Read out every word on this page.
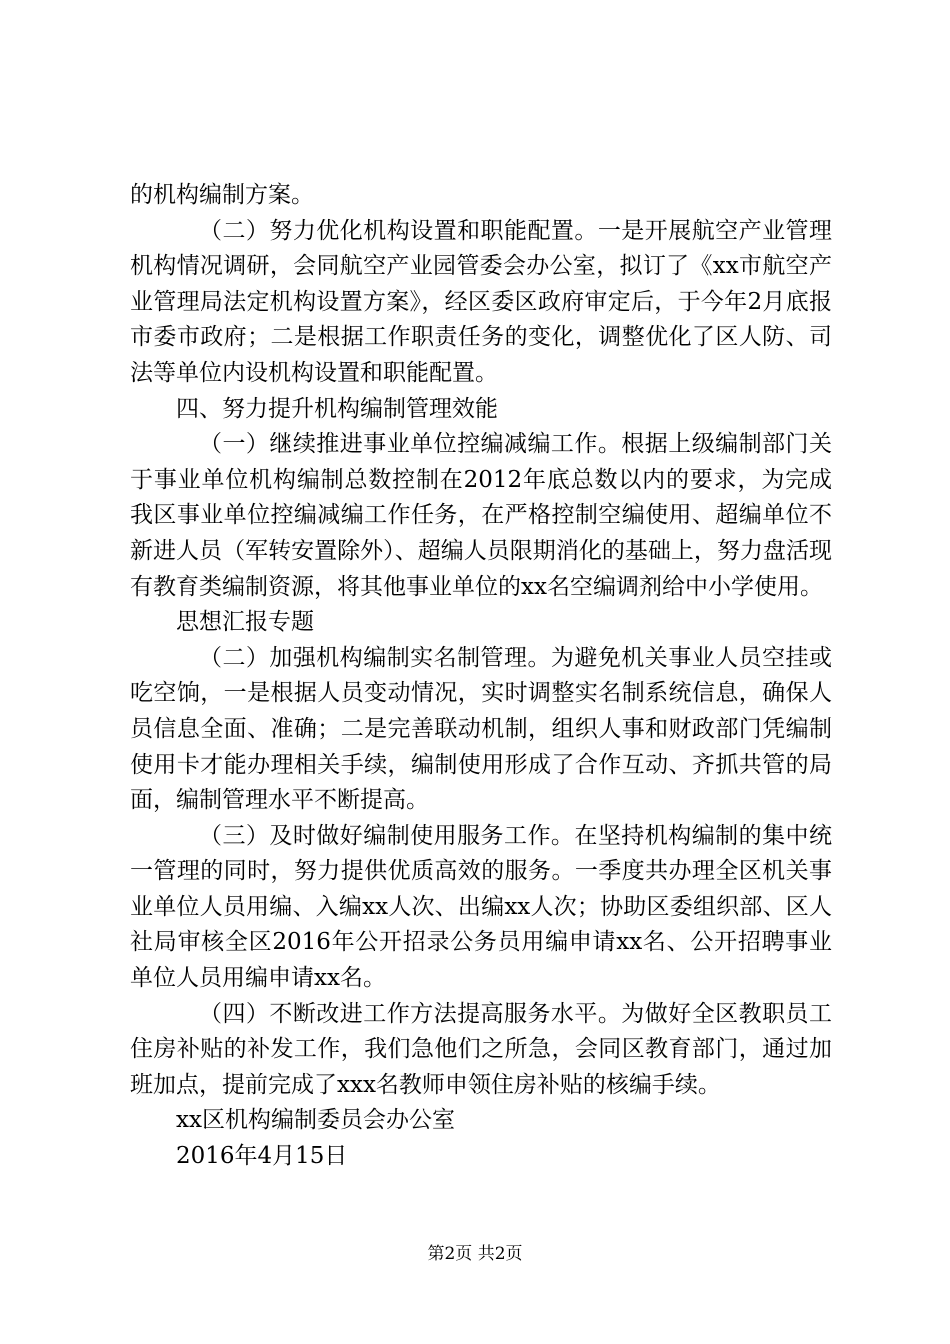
的机构编制方案。

（二）努力优化机构设置和职能配置。一是开展航空产业管理机构情况调研，会同航空产业园管委会办公室，拟订了《xx市航空产业管理局法定机构设置方案》，经区委区政府审定后，于今年2月底报市委市政府；二是根据工作职责任务的变化，调整优化了区人防、司法等单位内设机构设置和职能配置。

四、努力提升机构编制管理效能

（一）继续推进事业单位控编减编工作。根据上级编制部门关于事业单位机构编制总数控制在2012年底总数以内的要求，为完成我区事业单位控编减编工作任务，在严格控制空编使用、超编单位不新进人员（军转安置除外）、超编人员限期消化的基础上，努力盘活现有教育类编制资源，将其他事业单位的xx名空编调剂给中小学使用。

思想汇报专题

（二）加强机构编制实名制管理。为避免机关事业人员空挂或吃空饷，一是根据人员变动情况，实时调整实名制系统信息，确保人员信息全面、准确；二是完善联动机制，组织人事和财政部门凭编制使用卡才能办理相关手续，编制使用形成了合作互动、齐抓共管的局面，编制管理水平不断提高。

（三）及时做好编制使用服务工作。在坚持机构编制的集中统一管理的同时，努力提供优质高效的服务。一季度共办理全区机关事业单位人员用编、入编xx人次、出编xx人次；协助区委组织部、区人社局审核全区2016年公开招录公务员用编申请xx名、公开招聘事业单位人员用编申请xx名。

（四）不断改进工作方法提高服务水平。为做好全区教职员工住房补贴的补发工作，我们急他们之所急，会同区教育部门，通过加班加点，提前完成了xxx名教师申领住房补贴的核编手续。

xx区机构编制委员会办公室

2016年4月15日

第2页 共2页
